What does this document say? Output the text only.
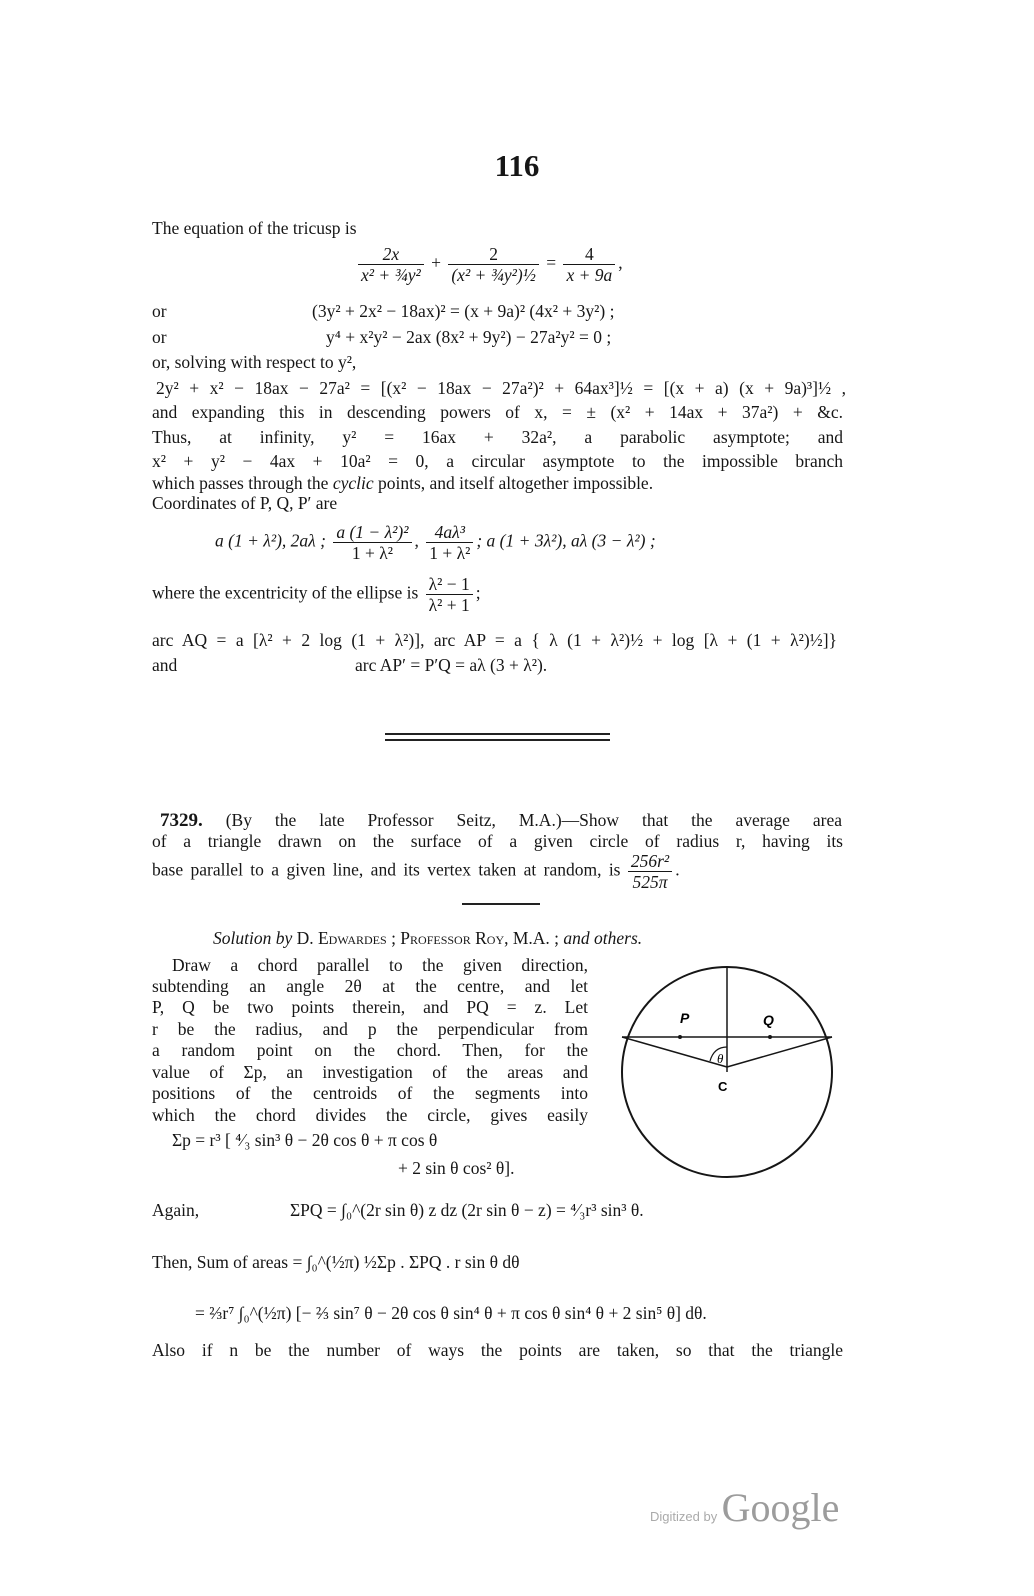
116
The equation of the tricusp is
$\frac{2x}{\text{x² + ¾y²}} + \frac{2}{\text{(x² + ¾y²)½}} = \frac{4}{x + 9a}$ ,
or	(3y² + 2x² − 18ax)² = (x + 9a)² (4x² + 3y²) ;
or	y⁴ + x²y² − 2ax (8x² + 9y²) − 27a²y² = 0 ;
or, solving with respect to y²,
2y² + x² − 18ax − 27a² = [(x² − 18ax − 27a²)² + 64ax³]½ = [(x + a) (x + 9a)³]½ ,
and expanding this in descending powers of x, = ± (x² + 14ax + 37a²) + &c.
Thus, at infinity, y² = 16ax + 32a², a parabolic asymptote; and
x² + y² − 4ax + 10a² = 0, a circular asymptote to the impossible branch
which passes through the cyclic points, and itself altogether impossible.
Coordinates of P, Q, P′ are
a (1 + λ²), 2aλ ; $\frac{\text{a (1 − λ²)²}}{\text{1 + λ²}}$ , $\frac{\text{4aλ³}}{\text{1 + λ²}}$ ; a (1 + 3λ²), aλ (3 − λ²) ;
where the excentricity of the ellipse is $\frac{\text{λ² − 1}}{\text{λ² + 1}}$ ;
arc AQ = a [λ² + 2 log (1 + λ²)], arc AP = a { λ (1 + λ²)½ + log [λ + (1 + λ²)½]}
and	arc AP′ = P′Q = aλ (3 + λ²).
7329. (By the late Professor Seitz, M.A.)—Show that the average area
of a triangle drawn on the surface of a given circle of radius r, having its
base parallel to a given line, and its vertex taken at random, is $\frac{\text{256r²}}{525\pi}$ .
Solution by D. Edwardes ; Professor Roy, M.A. ; and others.
Draw a chord parallel to the given direction,
subtending an angle 2θ at the centre, and let
P, Q be two points therein, and PQ = z. Let
r be the radius, and p the perpendicular from
a random point on the chord. Then, for the
value of Σp, an investigation of the areas and
positions of the centroids of the segments into
which the chord divides the circle, gives easily
Σp = r³ [ ⁴⁄₃ sin³ θ − 2θ cos θ + π cos θ
+ 2 sin θ cos² θ].
Again,	ΣPQ = ∫₀^(2r sin θ) z dz (2r sin θ − z) = ⁴⁄₃r³ sin³ θ.
Then, Sum of areas = ∫₀^(½π) ½Σp . ΣPQ . r sin θ dθ
= ⅔r⁷ ∫₀^(½π) [− ⅔ sin⁷ θ − 2θ cos θ sin⁴ θ + π cos θ sin⁴ θ + 2 sin⁵ θ] dθ.
Also if n be the number of ways the points are taken, so that the triangle
P	Q
θ
C
Digitized by Google
